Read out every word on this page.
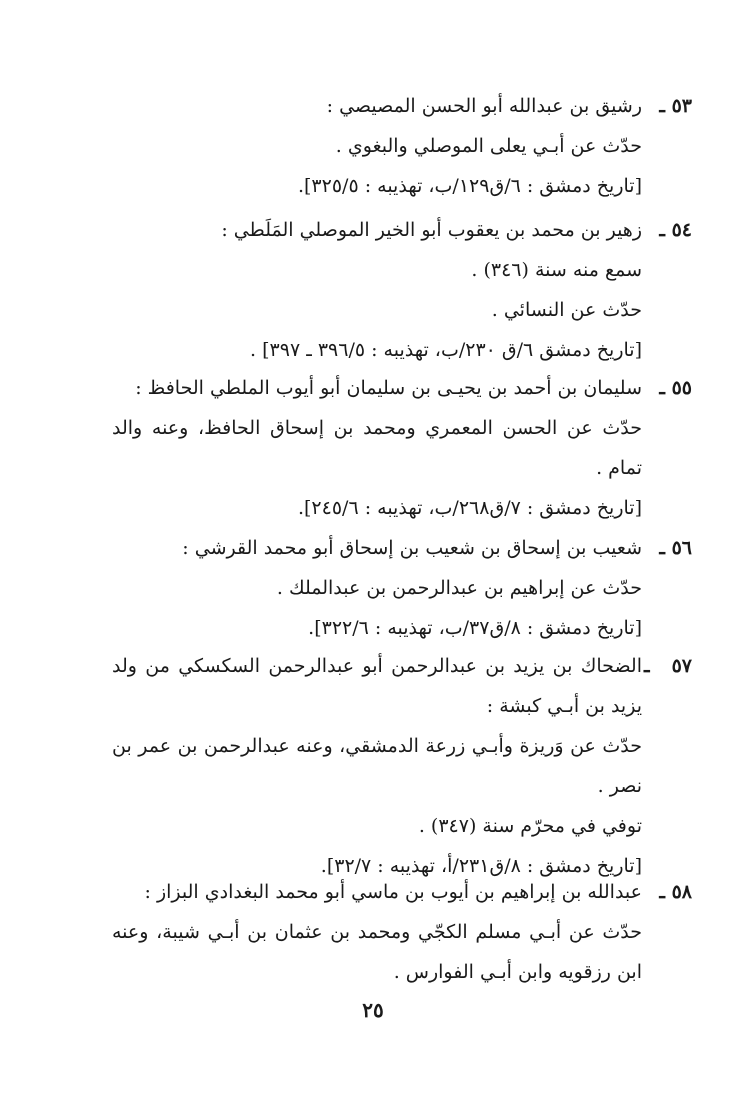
٥٣ ـ
رشيق بن عبدالله أبو الحسن المصيصي :
حدّث عن أبـي يعلى الموصلي والبغوي .
[تاريخ دمشق : ٦/ق١٢٩/ب، تهذيبه : ٣٢٥/٥].
٥٤ ـ
زهير بن محمد بن يعقوب أبو الخير الموصلي المَلَطي :
سمع منه سنة (٣٤٦) .
حدّث عن النسائي .
[تاريخ دمشق ٦/ق ٢٣٠/ب، تهذيبه : ٣٩٦/٥ ـ ٣٩٧] .
٥٥ ـ
سليمان بن أحمد بن يحيـى بن سليمان أبو أيوب الملطي الحافظ :
حدّث عن الحسن المعمري ومحمد بن إسحاق الحافظ، وعنه والد
تمام .
[تاريخ دمشق : ٧/ق٢٦٨/ب، تهذيبه : ٢٤٥/٦].
٥٦ ـ
شعيب بن إسحاق بن شعيب بن إسحاق أبو محمد القرشي :
حدّث عن إبراهيم بن عبدالرحمن بن عبدالملك .
[تاريخ دمشق : ٨/ق٣٧/ب، تهذيبه : ٣٢٢/٦].
٥٧ ـ
الضحاك بن يزيد بن عبدالرحمن أبو عبدالرحمن السكسكي من ولد
يزيد بن أبـي كبشة :
حدّث عن وَريزة وأبـي زرعة الدمشقي، وعنه عبدالرحمن بن عمر بن
نصر .
توفي في محرّم سنة (٣٤٧) .
[تاريخ دمشق : ٨/ق٢٣١/أ، تهذيبه : ٣٢/٧].
٥٨ ـ
عبدالله بن إبراهيم بن أيوب بن ماسي أبو محمد البغدادي البزاز :
حدّث عن أبـي مسلم الكجّي ومحمد بن عثمان بن أبـي شيبة، وعنه
ابن رزقويه وابن أبـي الفوارس .
٢٥
